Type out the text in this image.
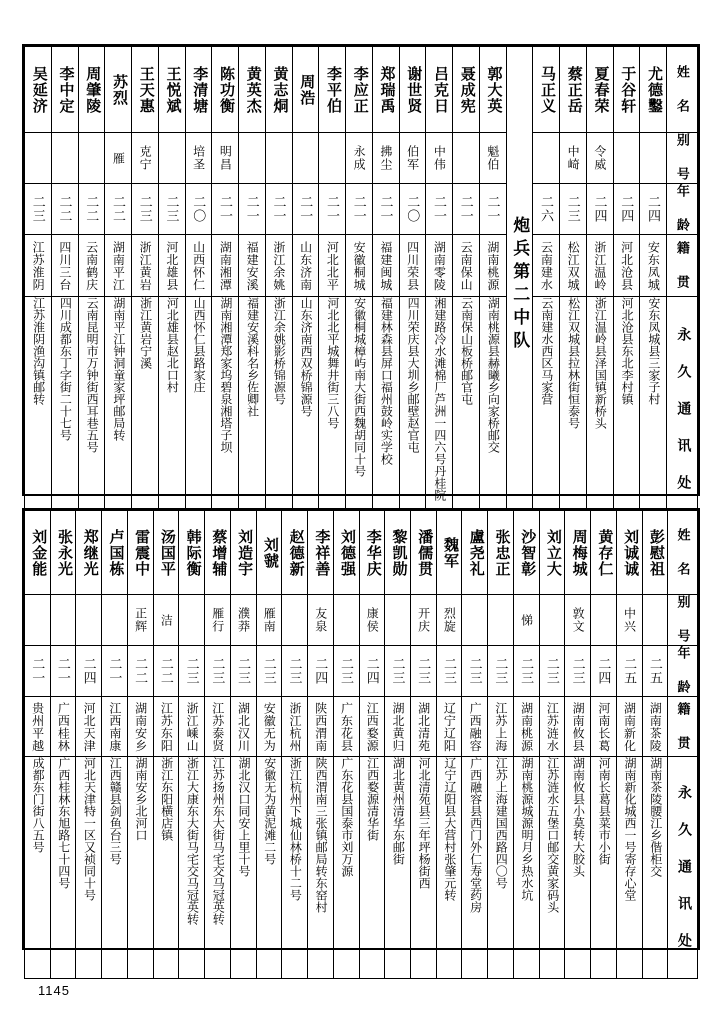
吴延济	李中定	周肇陵	苏烈	王天惠	王悦斌	李清塘	陈功衡	黄英杰	黄志烔	周浩	李平伯	李应正	郑瑞禹	谢世贤	吕克日	聂成宪	郭大英	炮兵第二中队	马正义	蔡正岳	夏春荣	于谷轩	尤德鑿	姓 名

			雁	克宁		培圣	明昌					永成	拂尘	伯军	中伟		魁伯			中崎	令威			别 号

二三	二二	二二	二二	二三	二三	二〇	二一	二一	二一	二一	二一	二一	二一	二〇	二一	二一	二一		二六	二三	二四	二四	二四	年 龄

江苏淮阴	四川三台	云南鹤庆	湖南平江	浙江黄岩	河北雄县	山西怀仁	湖南湘潭	福建安溪	浙江余姚	山东济南	河北北平	安徽桐城	福建闽城	四川荣县	湖南零陵	云南保山	湖南桃源		云南建水	松江双城	浙江温岭	河北沧县	安东凤城	籍 贯

江苏淮阴渔沟镇邮转	四川成都东丁字街二十七号	云南昆明市万钟街西耳巷五号	湖南平江钟洞童家坪邮局转	浙江黄岩宁溪	河北雄县赵北口村	山西怀仁县路家庄	湖南湘潭郑家坞碧泉湘塔子坝	福建安溪科名乡佐卿社	浙江余姚影桥锦源号	山东济南西双桥锦源号	河北北平城舞井街三八号	安徽桐城樟屿南大街西魏胡同十号	福建林森县屏口福州鼓岭实学校	四川荣庆县大圳乡邮壁赵官屯	湘建路冷水滩棉厂芦洲一四六号丹桂院	云南保山板桥邮官屯	湖南桃源县赫曦乡向家桥邮交		云南建水西区马家营	松江双城县拉林街恒泰号	浙江温岭县泽国镇新桥头	河北沧县东北李村镇	安东凤城县三家子村	永 久 通 讯 处
刘金能	张永光	郑继光	卢国栋	雷震中	汤国平	韩际衡	蔡增辅	刘造宇	刘虢	赵德新	李祥善	刘德强	李华庆	黎凯勋	潘儒贯	魏军	盧尧礼	张忠正	沙智彰	刘立大	周梅城	黄存仁	刘诚诚	彭慰祖	姓 名

				正辉	洁		雁行	濮莽	雁南		友泉		康侯		开庆	烈旋			悌		敦文		中兴		别 号

二一	二一	二四	二一	二二	二二	二三	二三	二三	二三	二三	二四	二三	二四	二三	二三	二三	二三	二三	二三	二三	二三	二四	二五	二五	年 龄

贵州平越	广西桂林	河北天津	江西南康	湖南安乡	江苏东阳	浙江嵊山	江苏泰贤	湖北汉川	安徽无为	浙江杭州	陕西渭南	广东花县	江西婺源	湖北黄归	湖北清苑	辽宁辽阳	广西融容	江苏上海	湖南桃源	江苏涟水	湖南攸县	河南长葛	湖南新化	湖南茶陵	籍 贯

成都东门街八五号	广西桂林东旭路七十四号	河北天津特一区又祯同十号	江西赣县剑鱼台三号	湖南安乡北河口	浙江东阳横店镇	浙江大康东大街马宅交马冠英转	江苏扬州东大街马宅交马冠英转	湖北汉口同安上里十号	安徽无为黄泥滩二号	浙江杭州下城仙林桥十二号	陕西渭南三张镇邮局转东窑村	广东花县国泰市刘万源	江西婺源清华街	湖北黄州清华东邮街	河北清苑县三年坪杨街西	辽宁辽阳县大营村张肇元转	广西融容县西门外仁寿堂药房	江苏上海建国西路四〇号	湖南桃源城源明月乡热水坑	江苏涟水五堡口邮交黄家码头	湖南攸县小莫转大胶头	河南长葛县菜市小街	湖南新化城西一号寄存心堂	湖南茶陵腰江乡偕柜交	永 久 通 讯 处
1145
